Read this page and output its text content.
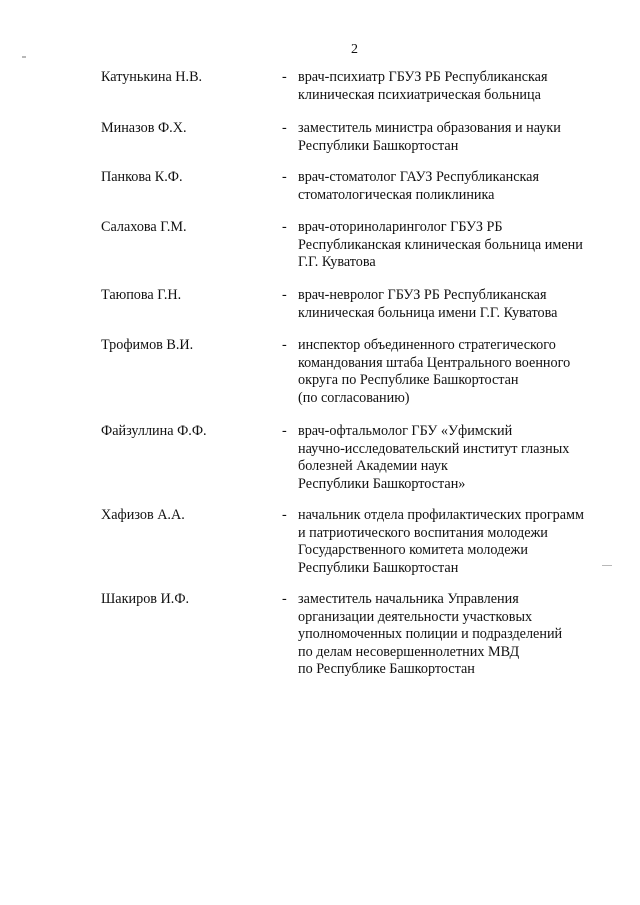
2
Катунькина Н.В.	- врач-психиатр ГБУЗ РБ Республиканская
клиническая психиатрическая больница
Миназов Ф.Х.	- заместитель министра образования и науки
Республики Башкортостан
Панкова К.Ф.	- врач-стоматолог ГАУЗ Республиканская
стоматологическая поликлиника
Салахова Г.М.	- врач-оториноларинголог ГБУЗ РБ
Республиканская клиническая больница имени
Г.Г. Куватова
Таюпова Г.Н.	- врач-невролог ГБУЗ РБ Республиканская
клиническая больница имени Г.Г. Куватова
Трофимов В.И.	- инспектор объединенного стратегического
командования штаба Центрального военного
округа по Республике Башкортостан
(по согласованию)
Файзуллина Ф.Ф.	- врач-офтальмолог ГБУ «Уфимский
научно-исследовательский институт глазных
болезней Академии наук
Республики Башкортостан»
Хафизов А.А.	- начальник отдела профилактических программ
и патриотического воспитания молодежи
Государственного комитета молодежи
Республики Башкортостан
Шакиров И.Ф.	- заместитель начальника Управления
организации деятельности участковых
уполномоченных полиции и подразделений
по делам несовершеннолетних МВД
по Республике Башкортостан
